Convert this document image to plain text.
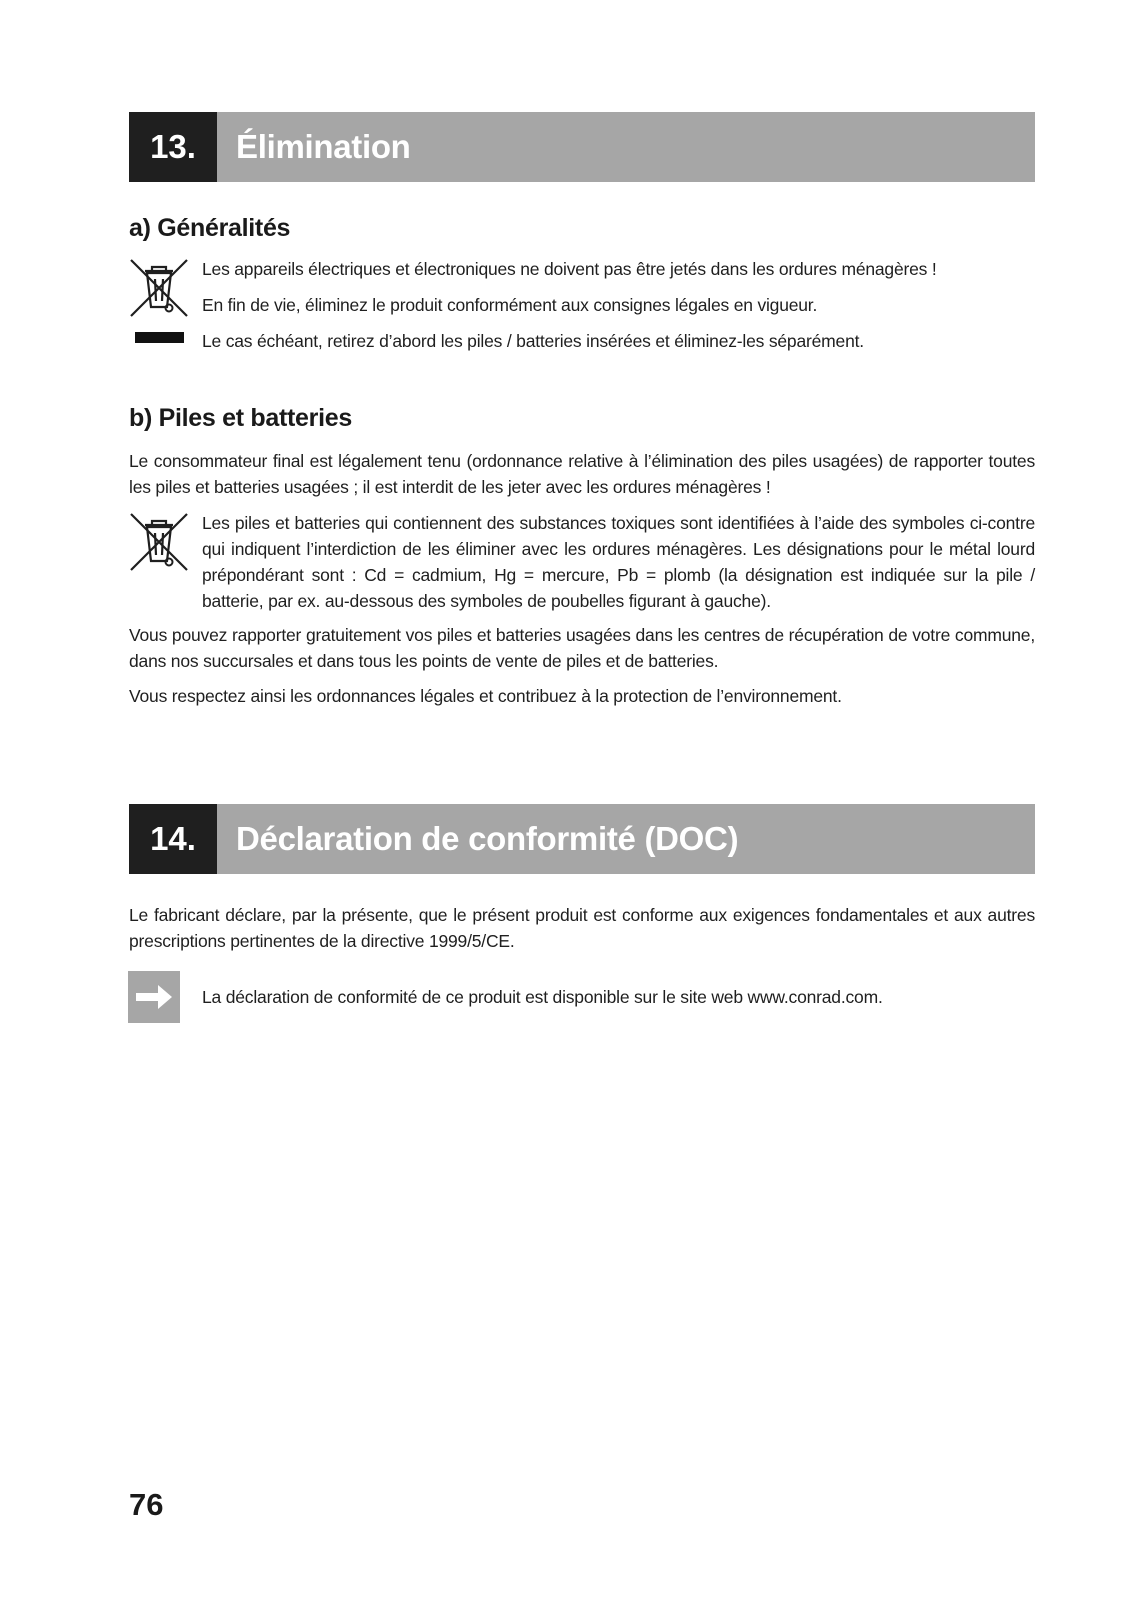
13.	Élimination
a) Généralités
Les appareils électriques et électroniques ne doivent pas être jetés dans les ordures ménagères !
En fin de vie, éliminez le produit conformément aux consignes légales en vigueur.
Le cas échéant, retirez d’abord les piles / batteries insérées et éliminez-les séparément.
b) Piles et batteries
Le consommateur final est légalement tenu (ordonnance relative à l’élimination des piles usagées) de rapporter toutes les piles et batteries usagées ; il est interdit de les jeter avec les ordures ménagères !
Les piles et batteries qui contiennent des substances toxiques sont identifiées à l’aide des symboles ci-contre qui indiquent l’interdiction de les éliminer avec les ordures ménagères. Les désignations pour le métal lourd prépondérant sont : Cd = cadmium, Hg = mercure, Pb = plomb (la désignation est indiquée sur la pile / batterie, par ex. au-dessous des symboles de poubelles figurant à gauche).
Vous pouvez rapporter gratuitement vos piles et batteries usagées dans les centres de récupération de votre commune, dans nos succursales et dans tous les points de vente de piles et de batteries.
Vous respectez ainsi les ordonnances légales et contribuez à la protection de l’environnement.
14.	Déclaration de conformité (DOC)
Le fabricant déclare, par la présente, que le présent produit est conforme aux exigences fondamentales et aux autres prescriptions pertinentes de la directive 1999/5/CE.
La déclaration de conformité de ce produit est disponible sur le site web www.conrad.com.
76
